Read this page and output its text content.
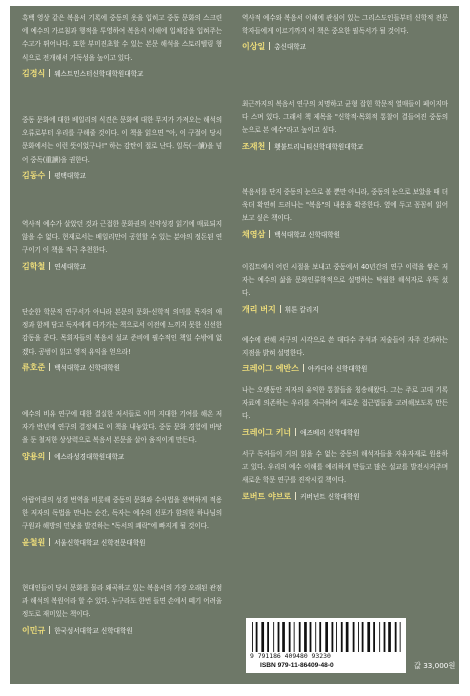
흑백 영상 같은 복음서 기록에 중동의 옷을 입히고 중동 문화의 스크린에 예수의 가르침과 행적을 투영하여 복음서 이해에 입체감을 입혀주는 수고가 뛰어나다. 또한 부미진초할 수 있는 본문 해석을 스토리텔링 형식으로 전개해서 가독성을 높이고 있다.

김경식 웨스트민스터신학대학원대학교

중동 문화에 대한 베일리의 식견은 문화에 대한 무지가 가져오는 해석의 오류로부터 우리를 구해줄 것이다. 이 책을 읽으면 "아, 이 구절이 당시 문화에서는 이런 뜻이었구나!" 하는 감탄이 절로 난다. 일독(一讀)을 넘어 중독(重讀)을 권한다.

김동수 평택대학교

역사적 예수가 살았던 것과 근접한 문화권의 신약성경 읽기에 매료되지 않을 수 없다. 현재로서는 베일리만이 공헌할 수 있는 분야의 정돈된 연구이기 이 책을 적극 추천한다.

김학철 연세대학교

단순한 학문적 연구서가 아니라 본문의 문화-신학적 의미를 목자의 애정과 함께 담고 독자에게 다가가는 책으로서 이전에 느끼지 못한 신선한 감동을 준다. 목회자들의 복음서 설교 준비에 필수적인 책일 수밖에 없겠다. 공범이 읽고 영적 유익을 얻으라!

류호준 백석대학교 신학대학원

예수의 비유 연구에 대한 결실한 저서들로 이미 지대한 기여를 해온 저자가 반년에 연구의 결정체로 이 책을 내놓았다. 중동 문화 경험에 바탕을 둔 철저한 상상력으로 복음서 본문을 살아 움직이게 만든다.

양용의 에스라성경대학원대학교

아랍어권의 성경 번역을 비롯해 중동의 문화와 수사법을 완벽하게 적용한 저자의 독법을 만나는 순간, 독자는 예수의 선포가 함의한 하나님의 구원과 해방의 민낯을 발견하는 "독서의 쾌락"에 빠지게 될 것이다.

윤철원 서울신학대학교 신학전문대학원

현대인들이 당시 문화를 몰라 왜곡하고 있는 복음서의 가장 오래된 관점과 해석의 복원이라 할 수 있다. 누구라도 한번 들면 손에서 떼기 어려울 정도로 재미있는 책이다.

이민규 한국성서대학교 신학대학원

역사적 예수와 복음서 이해에 관심이 있는 그리스도인들부터 신학적 전문 학자들에게 이르기까지 이 책은 중요한 필독서가 될 것이다.

이상일 총신대학교

최근까지의 복음서 연구의 치명하고 균형 잡힌 학문적 열매들이 페이지마다 스며 있다. 그래서 책 제목을 "신학적·목회적 통찰이 결들여진 중동의 눈으로 본 예수"라고 높이고 싶다.

조재천 횃불트리니티신학대학원대학교

복음서를 단지 중동의 눈으로 볼 뿐만 아니라, 중동의 눈으로 보았을 때 더욱더 확연히 드러나는 "복음"의 내용을 확증한다. 옆에 두고 꼼꼼히 읽어보고 싶은 책이다.

채영삼 백석대학교 신학대학원

이집트에서 어린 시절을 보내고 중동에서 40년간의 연구 이력을 쌓은 저자는 예수의 삶을 문화인류학적으로 설명하는 탁월한 해석자로 우뚝 섰다.

개리 버지 휘튼 칼리지

예수에 관해 서구의 시각으로 쓴 대다수 주석과 저술들이 자주 간과하는 지점을 밝혀 설명한다.

크레이그 에반스 아카디아 신학대학원

나는 오랫동안 저자의 유익한 통찰들을 칭송해왔다. 그는 주로 고대 기록 자료에 의존하는 우리를 자극하여 새로운 접근법들을 고려해보도록 만든다.

크레이그 키너 애즈베리 신학대학원

서구 독자들이 거의 읽을 수 없는 중동의 해석자들을 자유자재로 원용하고 있다. 우리의 예수 이해를 예리하게 만들고 많은 설교를 발전시켜주며 새로운 학문 연구를 진작시킬 책이다.

로버트 야브로 커버넌트 신학대학원
9 791186 409480 93230
ISBN 979-11-86409-48-0	값 33,000원
